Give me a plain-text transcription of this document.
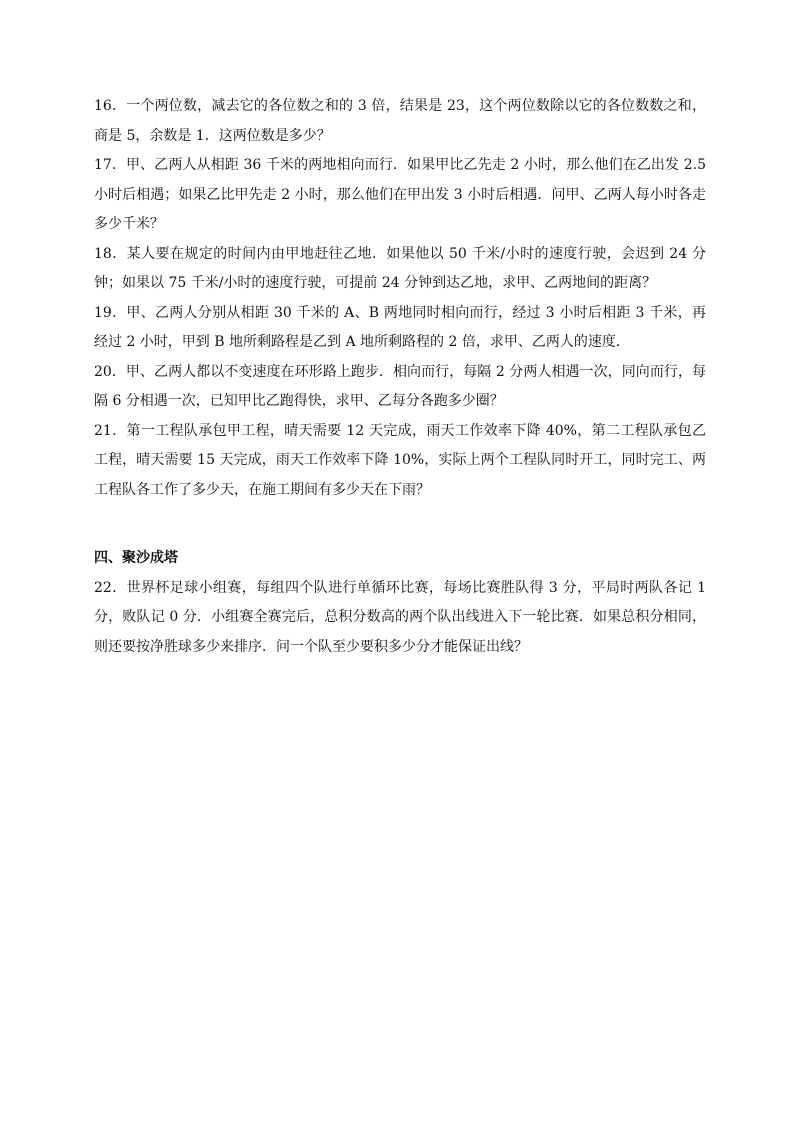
16．一个两位数，减去它的各位数之和的 3 倍，结果是 23，这个两位数除以它的各位数数之和，商是 5，余数是 1．这两位数是多少？

17．甲、乙两人从相距 36 千米的两地相向而行．如果甲比乙先走 2 小时，那么他们在乙出发 2.5 小时后相遇；如果乙比甲先走 2 小时，那么他们在甲出发 3 小时后相遇．问甲、乙两人每小时各走多少千米？

18．某人要在规定的时间内由甲地赶往乙地．如果他以 50 千米/小时的速度行驶，会迟到 24 分钟；如果以 75 千米/小时的速度行驶，可提前 24 分钟到达乙地，求甲、乙两地间的距离？

19．甲、乙两人分别从相距 30 千米的 A、B 两地同时相向而行，经过 3 小时后相距 3 千米，再经过 2 小时，甲到 B 地所剩路程是乙到 A 地所剩路程的 2 倍，求甲、乙两人的速度．

20．甲、乙两人都以不变速度在环形路上跑步．相向而行，每隔 2 分两人相遇一次，同向而行，每隔 6 分相遇一次，已知甲比乙跑得快，求甲、乙每分各跑多少圈？

21．第一工程队承包甲工程，晴天需要 12 天完成，雨天工作效率下降 40%，第二工程队承包乙工程，晴天需要 15 天完成，雨天工作效率下降 10%，实际上两个工程队同时开工，同时完工、两工程队各工作了多少天，在施工期间有多少天在下雨？

四、聚沙成塔

22．世界杯足球小组赛，每组四个队进行单循环比赛，每场比赛胜队得 3 分，平局时两队各记 1 分，败队记 0 分．小组赛全赛完后，总积分数高的两个队出线进入下一轮比赛．如果总积分相同，则还要按净胜球多少来排序．问一个队至少要积多少分才能保证出线？
